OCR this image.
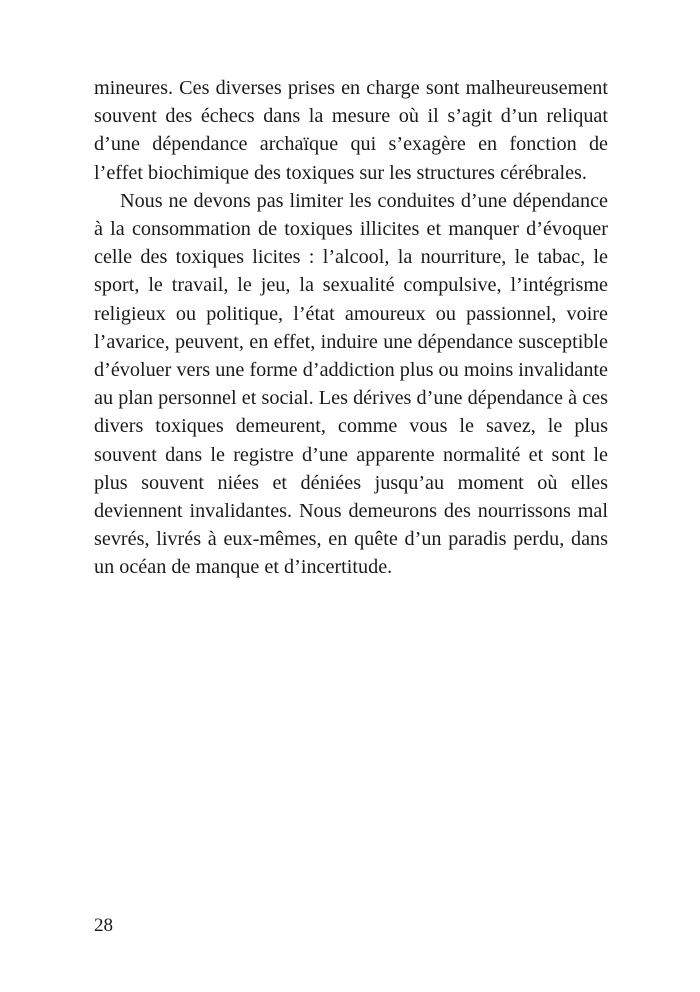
mineures. Ces diverses prises en charge sont malheureusement souvent des échecs dans la mesure où il s’agit d’un reliquat d’une dépendance archaïque qui s’exagère en fonction de l’effet biochimique des toxiques sur les structures cérébrales.

Nous ne devons pas limiter les conduites d’une dépendance à la consommation de toxiques illicites et manquer d’évoquer celle des toxiques licites : l’alcool, la nourriture, le tabac, le sport, le travail, le jeu, la sexualité compulsive, l’intégrisme religieux ou politique, l’état amoureux ou passionnel, voire l’avarice, peuvent, en effet, induire une dépendance susceptible d’évoluer vers une forme d’addiction plus ou moins invalidante au plan personnel et social. Les dérives d’une dépendance à ces divers toxiques demeurent, comme vous le savez, le plus souvent dans le registre d’une apparente normalité et sont le plus souvent niées et déniées jusqu’au moment où elles deviennent invalidantes. Nous demeurons des nourrissons mal sevrés, livrés à eux-mêmes, en quête d’un paradis perdu, dans un océan de manque et d’incertitude.

28
